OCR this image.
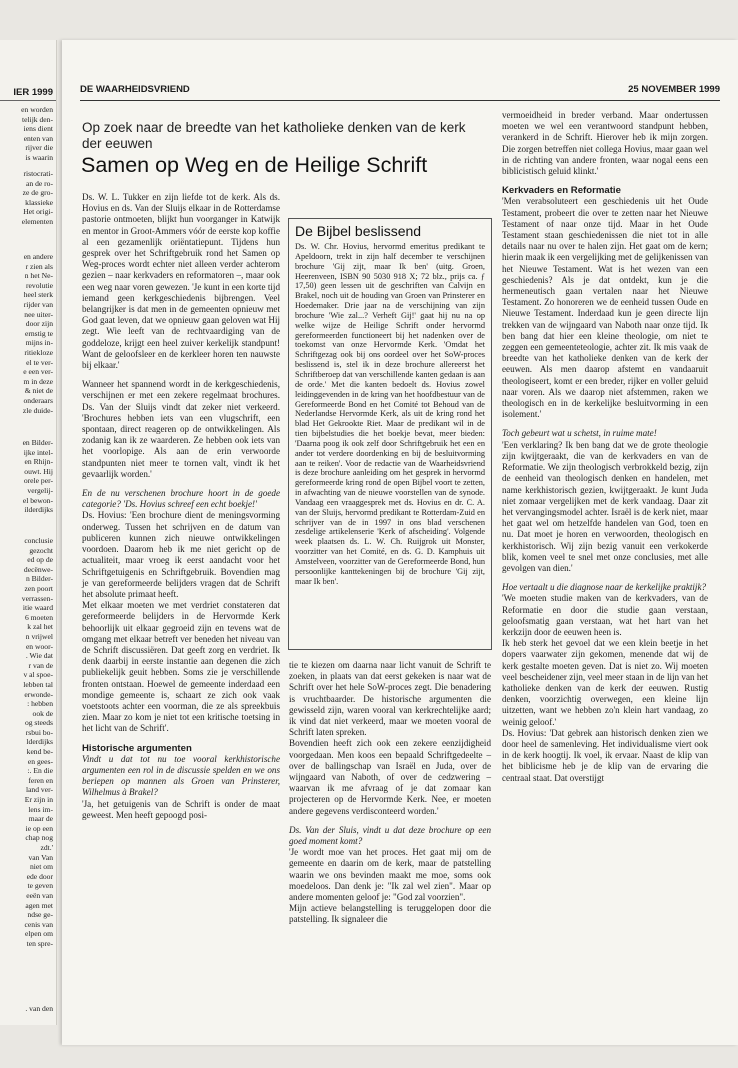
IER 1999
en worden
telijk den-
iens dient
enten van
rijver die
is waarin
ristocrati-
an de ro-
ze de gro-
klassieke
Het origi-
elementen
en andere
r zien als
n het Ne-
revolutie
heel sterk
rijder van
nee uiter-
door zijn
ernstig te
mijns in-
ritiekloze
el te ver-
e een ver-
m in deze
& niet de
onderaars
zle duide-
en Bilder-
ijke intel-
en Rhijn-
ouwt. Hij
orele per-
vergelij-
el bewon-
ilderdijks
conclusie
gezocht
ed op de
decënwe-
n Bilder-
zen poort
verrassen-
itie waard
6 moeten
k zal het
n vrijwel
en woor-
. Wie dat
r van de
v al spoe-
lebben tal
erwonde-
: hebben
ook de
og steeds
rsbui bo-
lderdijks
kend be-
en gees-
:. En die
feren en
land ver-
Er zijn in
lens im-
maar de
ie op een
chap nog
zdt.'
van Van
niet om
ede door
te geven
eeën van
agen met
ndse ge-
cenis van
elpen om
ten spre-
. van den
DE WAARHEIDSVRIEND	25 NOVEMBER 1999
Op zoek naar de breedte van het katholieke denken van de kerk der eeuwen
Samen op Weg en de Heilige Schrift

Ds. W. L. Tukker en zijn liefde tot de kerk. Als ds. Hovius en ds. Van der Sluijs elkaar in de Rotterdamse pastorie ontmoeten, blijkt hun voorganger in Katwijk en mentor in Groot-Ammers vóór de eerste kop koffie al een gezamenlijk oriëntatiepunt. Tijdens hun gesprek over het Schriftgebruik rond het Samen op Weg-proces wordt echter niet alleen verder achterom gezien – naar kerkvaders en reformatoren –, maar ook een weg naar voren gewezen. 'Je kunt in een korte tijd iemand geen kerkgeschiedenis bijbrengen. Veel belangrijker is dat men in de gemeenten opnieuw met God gaat leven, dat we opnieuw gaan geloven wat Hij zegt. Wie leeft van de rechtvaardiging van de goddeloze, krijgt een heel zuiver kerkelijk standpunt! Want de geloofsleer en de kerkleer horen ten nauwste bij elkaar.'

Wanneer het spannend wordt in de kerkgeschiedenis, verschijnen er met een zekere regelmaat brochures. Ds. Van der Sluijs vindt dat zeker niet verkeerd. 'Brochures hebben iets van een vlugschrift, een spontaan, direct reageren op de ontwikkelingen. Als zodanig kan ik ze waarderen. Ze hebben ook iets van het voorlopige. Als aan de erin verwoorde standpunten niet meer te tornen valt, vindt ik het gevaarlijk worden.'

En de nu verschenen brochure hoort in de goede categorie? 'Ds. Hovius schreef een echt boekje!'

Ds. Hovius: 'Een brochure dient de meningsvorming onderweg. Tussen het schrijven en de datum van publiceren kunnen zich nieuwe ontwikkelingen voordoen. Daarom heb ik me niet gericht op de actualiteit, maar vroeg ik eerst aandacht voor het Schriftgetuigenis en Schriftgebruik. Bovendien mag je van gereformeerde belijders vragen dat de Schrift het absolute primaat heeft.

Met elkaar moeten we met verdriet constateren dat gereformeerde belijders in de Hervormde Kerk behoorlijk uit elkaar gegroeid zijn en tevens wat de omgang met elkaar betreft ver beneden het niveau van de Schrift discussiëren. Dat geeft zorg en verdriet. Ik denk daarbij in eerste instantie aan degenen die zich publiekelijk geuit hebben. Soms zie je verschillende fronten ontstaan. Hoewel de gemeente inderdaad een mondige gemeente is, schaart ze zich ook vaak voetstoots achter een voorman, die ze als spreekbuis zien. Maar zo kom je niet tot een kritische toetsing in het licht van de Schrift'.

Historische argumenten

Vindt u dat tot nu toe vooral kerkhistorische argumenten een rol in de discussie spelden en we ons beriepen op mannen als Groen van Prinsterer, Wilhelmus à Brakel?

'Ja, het getuigenis van de Schrift is onder de maat geweest. Men heeft gepoogd posi-

De Bijbel beslissend
Ds. W. Chr. Hovius, hervormd emeritus predikant te Apeldoorn, trekt in zijn half december te verschijnen brochure 'Gij zijt, maar Ik ben' (uitg. Groen, Heerenveen, ISBN 90 5030 918 X; 72 blz., prijs ca. ƒ 17,50) geen lessen uit de geschriften van Calvijn en Brakel, noch uit de houding van Groen van Prinsterer en Hoedemaker. Drie jaar na de verschijning van zijn brochure 'Wie zal...? Verheft Gij!' gaat hij nu na op welke wijze de Heilige Schrift onder hervormd gereformeerden functioneert bij het nadenken over de toekomst van onze Hervormde Kerk. 'Omdat het Schriftgezag ook bij ons oordeel over het SoW-proces beslissend is, stel ik in deze brochure allereerst het Schriftberoep dat van verschillende kanten gedaan is aan de orde.' Met die kanten bedoelt ds. Hovius zowel leidinggevenden in de kring van het hoofdbestuur van de Gereformeerde Bond en het Comité tot Behoud van de Nederlandse Hervormde Kerk, als uit de kring rond het blad Het Gekrookte Riet. Maar de predikant wil in de tien bijbelstudies die het boekje bevat, meer bieden: 'Daarna poog ik ook zelf door Schriftgebruik het een en ander tot verdere doordenking en bij de besluitvorming aan te reiken'. Voor de redactie van de Waarheidsvriend is deze brochure aanleiding om het gesprek in hervormd gereformeerde kring rond de open Bijbel voort te zetten, in afwachting van de nieuwe voorstellen van de synode. Vandaag een vraaggesprek met ds. Hovius en dr. C. A. van der Sluijs, hervormd predikant te Rotterdam-Zuid en schrijver van de in 1997 in ons blad verschenen zesdelige artikelenserie 'Kerk of afscheiding'. Volgende week plaatsen ds. L. W. Ch. Ruijgrok uit Monster, voorzitter van het Comité, en ds. G. D. Kamphuis uit Amstelveen, voorzitter van de Gereformeerde Bond, hun persoonlijke kanttekeningen bij de brochure 'Gij zijt, maar Ik ben'.

tie te kiezen om daarna naar licht vanuit de Schrift te zoeken, in plaats van dat eerst gekeken is naar wat de Schrift over het hele SoW-proces zegt. Die benadering is vruchtbaarder. De historische argumenten die gewisseld zijn, waren vooral van kerkrechtelijke aard; ik vind dat niet verkeerd, maar we moeten vooral de Schrift laten spreken.

Bovendien heeft zich ook een zekere eenzijdigheid voorgedaan. Men koos een bepaald Schriftgedeelte – over de ballingschap van Israël en Juda, over de wijngaard van Naboth, of over de cedzwering – waarvan ik me afvraag of je dat zomaar kan projecteren op de Hervormde Kerk. Nee, er moeten andere gegevens verdisconteerd worden.'

Ds. Van der Sluis, vindt u dat deze brochure op een goed moment komt?

'Je wordt moe van het proces. Het gaat mij om de gemeente en daarin om de kerk, maar de patstelling waarin we ons bevinden maakt me moe, soms ook moedeloos. Dan denk je: "Ik zal wel zien". Maar op andere momenten geloof je: "God zal voorzien".

Mijn actieve belangstelling is teruggelopen door die patstelling. Ik signaleer die

vermoeidheid in breder verband. Maar ondertussen moeten we wel een verantwoord standpunt hebben, verankerd in de Schrift. Hierover heb ik mijn zorgen. Die zorgen betreffen niet collega Hovius, maar gaan wel in de richting van andere fronten, waar nogal eens een biblicistisch geluid klinkt.'

Kerkvaders en Reformatie

'Men verabsoluteert een geschiedenis uit het Oude Testament, probeert die over te zetten naar het Nieuwe Testament of naar onze tijd. Maar in het Oude Testament staan geschiedenissen die niet tot in alle details naar nu over te halen zijn. Het gaat om de kern; hierin maak ik een vergelijking met de gelijkenissen van het Nieuwe Testament. Wat is het wezen van een geschiedenis? Als je dat ontdekt, kun je die hermeneutisch gaan vertalen naar het Nieuwe Testament. Zo honoreren we de eenheid tussen Oude en Nieuwe Testament. Inderdaad kun je geen directe lijn trekken van de wijngaard van Naboth naar onze tijd. Ik ben bang dat hier een kleine theologie, om niet te zeggen een gemeenteteologie, achter zit. Ik mis vaak de breedte van het katholieke denken van de kerk der eeuwen. Als men daarop afstemt en vandaaruit theologiseert, komt er een breder, rijker en voller geluid naar voren. Als we daarop niet afstemmen, raken we theologisch en in de kerkelijke besluitvorming in een isolement.'

Toch gebeurt wat u schetst, in ruime mate!

'Een verklaring? Ik ben bang dat we de grote theologie zijn kwijtgeraakt, die van de kerkvaders en van de Reformatie. We zijn theologisch verbrokkeld bezig, zijn de eenheid van theologisch denken en handelen, met name kerkhistorisch gezien, kwijtgeraakt. Je kunt Juda niet zomaar vergelijken met de kerk vandaag. Daar zit het vervangingsmodel achter. Israël is de kerk niet, maar het gaat wel om hetzelfde handelen van God, toen en nu. Dat moet je horen en verwoorden, theologisch en kerkhistorisch. Wij zijn bezig vanuit een verkokerde blik, komen veel te snel met onze conclusies, met alle gevolgen van dien.'

Hoe vertaalt u die diagnose naar de kerkelijke praktijk?

'We moeten studie maken van de kerkvaders, van de Reformatie en door die studie gaan verstaan, geloofsmatig gaan verstaan, wat het hart van het kerkzijn door de eeuwen heen is.

Ik heb sterk het gevoel dat we een klein beetje in het dopers vaarwater zijn gekomen, menende dat wij de kerk gestalte moeten geven. Dat is niet zo. Wij moeten veel bescheidener zijn, veel meer staan in de lijn van het katholieke denken van de kerk der eeuwen. Rustig denken, voorzichtig overwegen, een kleine lijn uitzetten, want we hebben zo'n klein hart vandaag, zo weinig geloof.'

Ds. Hovius: 'Dat gebrek aan historisch denken zien we door heel de samenleving. Het individualisme viert ook in de kerk hoogtij. Ik voel, ik ervaar. Naast de klip van het biblicisme heb je de klip van de ervaring die centraal staat. Dat overstijgt
